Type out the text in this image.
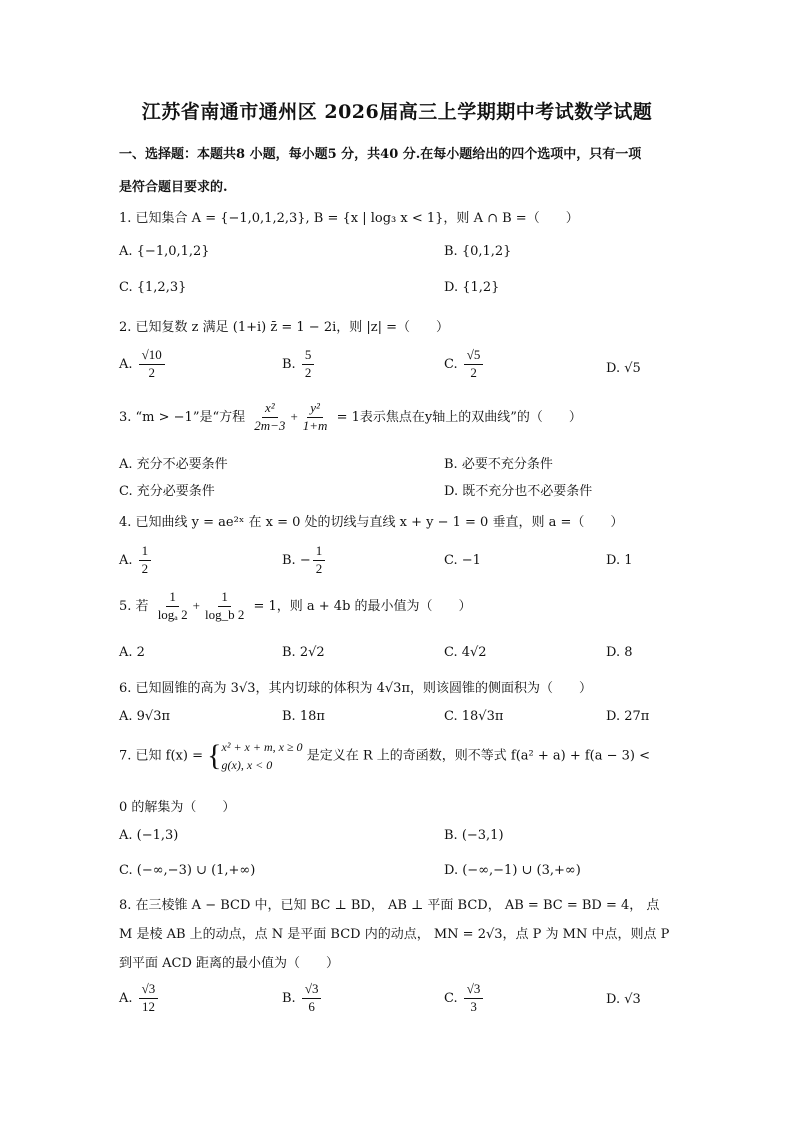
江苏省南通市通州区 2026届高三上学期期中考试数学试题
一、选择题：本题共8 小题，每小题5 分，共40 分.在每小题给出的四个选项中，只有一项
是符合题目要求的.
1. 已知集合 A = {−1,0,1,2,3}, B = {x | log₃ x < 1}，则 A ∩ B =（　　）
A. {−1,0,1,2}	B. {0,1,2}
C. {1,2,3}	D. {1,2}
2. 已知复数 z 满足 (1+i) z̄ = 1 − 2i，则 |z| =（　　）
A. $\frac{√10}{2}$	B. $\frac{5}{2}$	C. $\frac{√5}{2}$	D. √5
3. “m > −1”是“方程 $\frac{\text{x²}}{2m-3} + \frac{\text{y²}}{1+m} = 1$表示焦点在y轴上的双曲线”的（　　）
A. 充分不必要条件	B. 必要不充分条件
C. 充分必要条件	D. 既不充分也不必要条件
4. 已知曲线 y = ae²ˣ 在 x = 0 处的切线与直线 x + y − 1 = 0 垂直，则 a =（　　）
A. $\frac{1}{2}$	B. − $\frac{1}{2}$	C. −1	D. 1
5. 若 $\frac{1}{\text{logₐ 2}} + \frac{1}{\log\_b 2} = 1$，则 a + 4b 的最小值为（　　）
A. 2	B. 2√2	C. 4√2	D. 8
6. 已知圆锥的高为 3√3，其内切球的体积为 4√3π，则该圆锥的侧面积为（　　）
A. 9√3π	B. 18π	C. 18√3π	D. 27π
7. 已知 f(x) = { x² + x + m, x ≥ 0
g(x), x < 0
是定义在 R 上的奇函数，则不等式 f(a² + a) + f(a − 3) <
0 的解集为（　　）
A. (−1,3)	B. (−3,1)
C. (−∞,−3) ∪ (1,+∞)	D. (−∞,−1) ∪ (3,+∞)
8. 在三棱锥 A − BCD 中，已知 BC ⊥ BD， AB ⊥ 平面 BCD， AB = BC = BD = 4， 点
M 是棱 AB 上的动点，点 N 是平面 BCD 内的动点， MN = 2√3，点 P 为 MN 中点，则点 P
到平面 ACD 距离的最小值为（　　）
A. $\frac{√3}{12}$	B. $\frac{√3}{6}$	C. $\frac{√3}{3}$	D. √3
